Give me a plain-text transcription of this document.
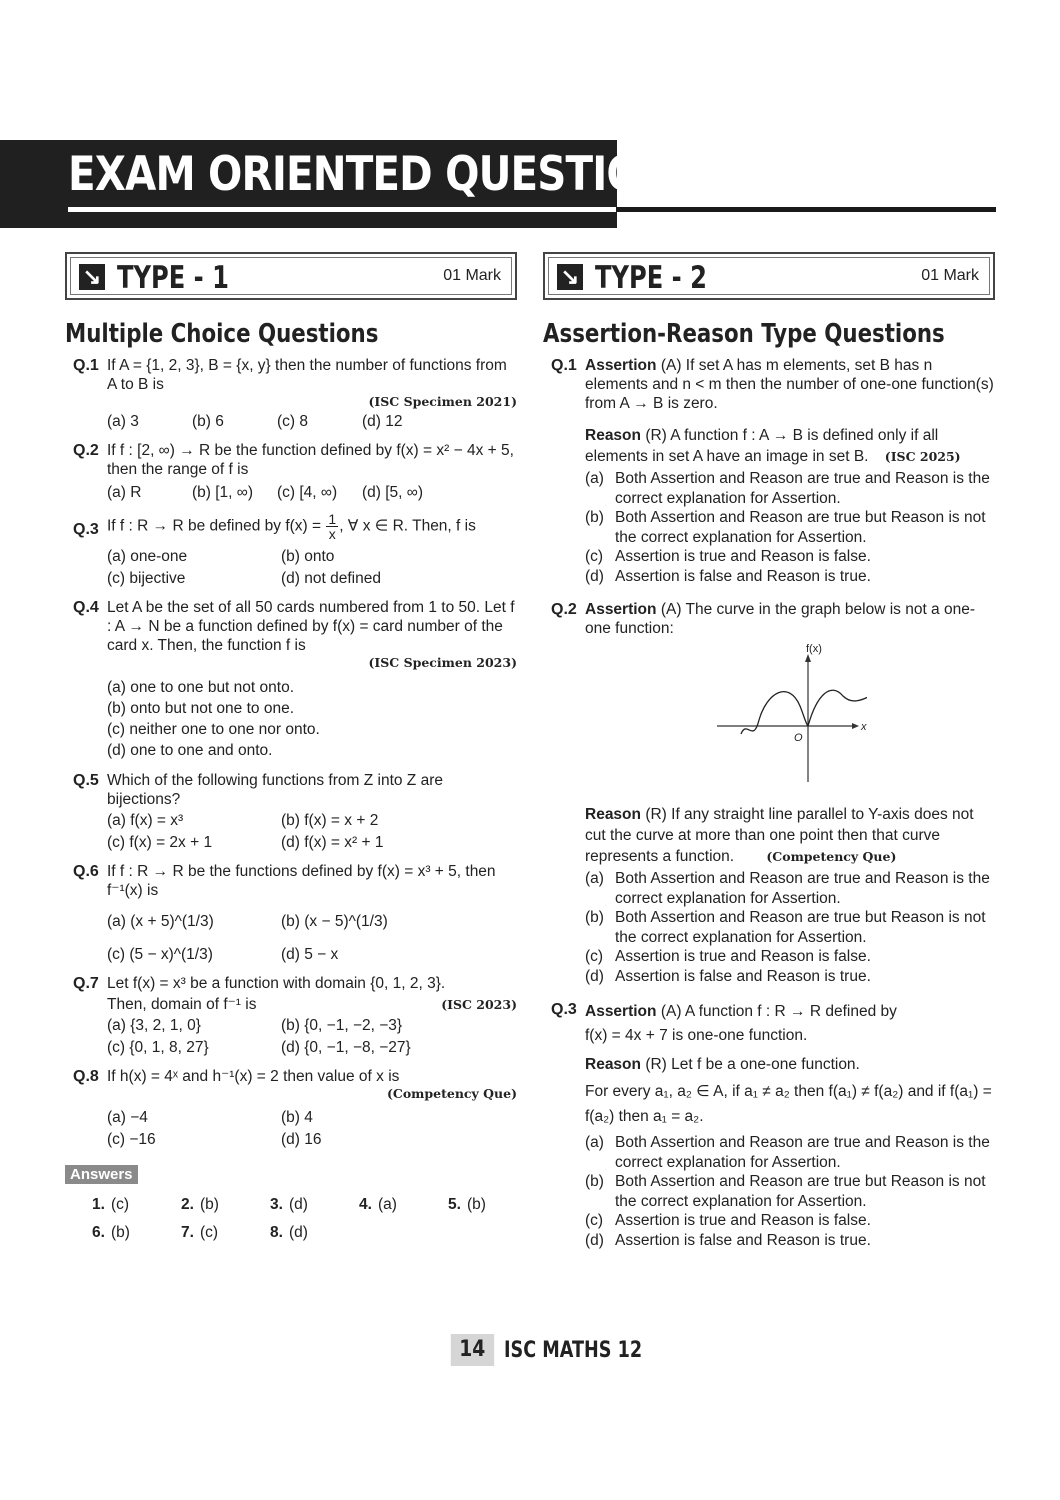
EXAM ORIENTED QUESTIONS
↘ TYPE - 1	01 Mark
Multiple Choice Questions
Q.1 If A = {1, 2, 3}, B = {x, y} then the number of functions from A to B is
(ISC Specimen 2021)
(a) 3	(b) 6	(c) 8	(d) 12
Q.2 If f : [2, ∞) → R be the function defined by f(x) = x² − 4x + 5, then the range of f is
(a) R	(b) [1, ∞)	(c) [4, ∞)	(d) [5, ∞)
Q.3 If f : R → R be defined by $f(x) = \frac{1}{x}$ , ∀ x ∈ R. Then, f is
(a) one-one	(b) onto
(c) bijective	(d) not defined
Q.4 Let A be the set of all 50 cards numbered from 1 to 50. Let f : A → N be a function defined by f(x) = card number of the card x. Then, the function f is
(ISC Specimen 2023)
(a) one to one but not onto.
(b) onto but not one to one.
(c) neither one to one nor onto.
(d) one to one and onto.
Q.5 Which of the following functions from Z into Z are bijections?
(a) f(x) = x³	(b) f(x) = x + 2
(c) f(x) = 2x + 1	(d) f(x) = x² + 1
Q.6 If f : R → R be the functions defined by f(x) = x³ + 5, then f⁻¹(x) is
(a) (x + 5)^(1/3)	(b) (x − 5)^(1/3)
(c) (5 − x)^(1/3)	(d) 5 − x
Q.7 Let f(x) = x³ be a function with domain {0, 1, 2, 3}.
(ISC 2023)
Then, domain of f⁻¹ is
(a) {3, 2, 1, 0}	(b) {0, −1, −2, −3}
(c) {0, 1, 8, 27}	(d) {0, −1, −8, −27}
Q.8 If h(x) = 4ˣ and h⁻¹(x) = 2 then value of x is
(Competency Que)
(a) −4	(b) 4
(c) −16	(d) 16
Answers
1. (c)	2. (b)	3. (d)	4. (a)	5. (b)
6. (b)	7. (c)	8. (d)
↘ TYPE - 2	01 Mark
Assertion-Reason Type Questions
Q.1 Assertion (A) If set A has m elements, set B has n elements and n < m then the number of one-one function(s) from A → B is zero.
Reason (R) A function f : A → B is defined only if all elements in set A have an image in set B. (ISC 2025)
(a) Both Assertion and Reason are true and Reason is the correct explanation for Assertion.
(b) Both Assertion and Reason are true but Reason is not the correct explanation for Assertion.
(c) Assertion is true and Reason is false.
(d) Assertion is false and Reason is true.
Q.2 Assertion (A) The curve in the graph below is not a one-one function:
f(x)
x
O
Reason (R) If any straight line parallel to Y-axis does not cut the curve at more than one point then that curve represents a function.	(Competency Que)
(a) Both Assertion and Reason are true and Reason is the correct explanation for Assertion.
(b) Both Assertion and Reason are true but Reason is not the correct explanation for Assertion.
(c) Assertion is true and Reason is false.
(d) Assertion is false and Reason is true.
Q.3 Assertion (A) A function f : R → R defined by
f(x) = 4x + 7 is one-one function.
Reason (R) Let f be a one-one function.
For every a₁, a₂ ∈ A, if a₁ ≠ a₂ then f(a₁) ≠ f(a₂) and if f(a₁) = f(a₂) then a₁ = a₂.
(a) Both Assertion and Reason are true and Reason is the correct explanation for Assertion.
(b) Both Assertion and Reason are true but Reason is not the correct explanation for Assertion.
(c) Assertion is true and Reason is false.
(d) Assertion is false and Reason is true.
14 ISC MATHS 12
